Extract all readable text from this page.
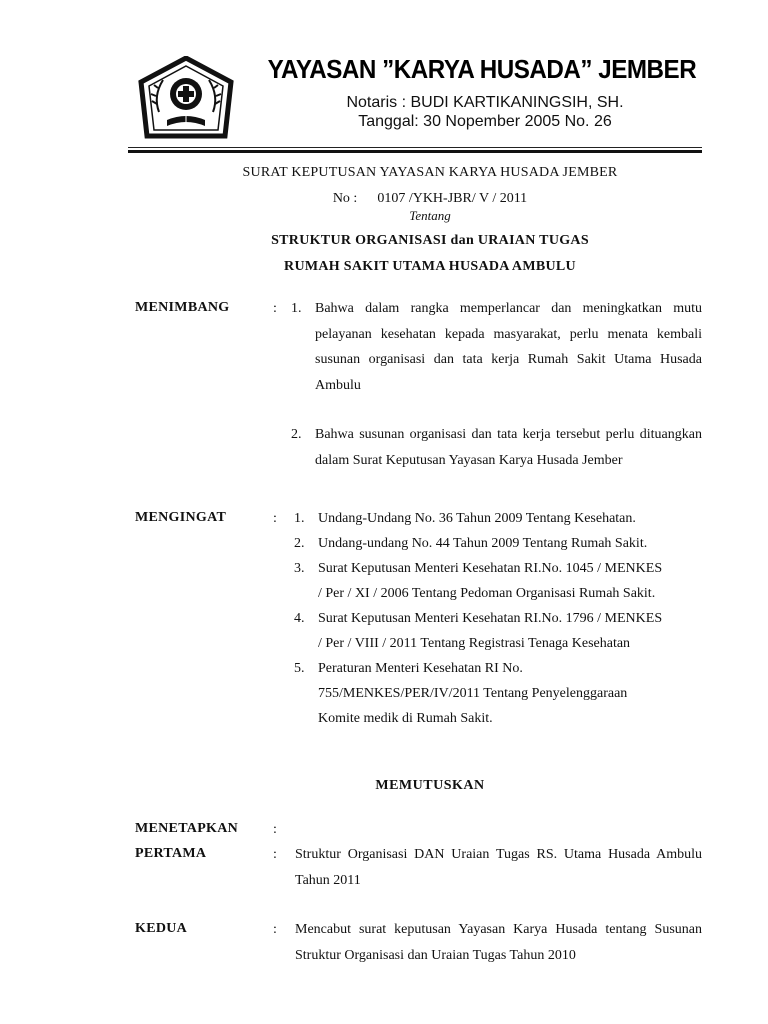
YAYASAN ”KARYA HUSADA” JEMBER
Notaris : BUDI KARTIKANINGSIH, SH.
Tanggal: 30 Nopember 2005 No. 26
SURAT KEPUTUSAN YAYASAN KARYA HUSADA JEMBER
No : 0107 /YKH-JBR/ V / 2011
Tentang
STRUKTUR ORGANISASI dan URAIAN TUGAS
RUMAH SAKIT UTAMA HUSADA AMBULU
MENIMBANG	: 1. Bahwa dalam rangka memperlancar dan meningkatkan mutu pelayanan kesehatan kepada masyarakat, perlu menata kembali susunan organisasi dan tata kerja Rumah Sakit Utama Husada Ambulu
2. Bahwa susunan organisasi dan tata kerja tersebut perlu dituangkan dalam Surat Keputusan Yayasan Karya Husada Jember
MENGINGAT	: 1. Undang-Undang No. 36 Tahun 2009 Tentang Kesehatan.
2. Undang-undang No. 44 Tahun 2009 Tentang Rumah Sakit.
3. Surat Keputusan Menteri Kesehatan RI.No. 1045 / MENKES
/ Per / XI / 2006 Tentang Pedoman Organisasi Rumah Sakit.
4. Surat Keputusan Menteri Kesehatan RI.No. 1796 / MENKES
/ Per / VIII / 2011 Tentang Registrasi Tenaga Kesehatan
5. Peraturan Menteri Kesehatan RI No.
755/MENKES/PER/IV/2011 Tentang Penyelenggaraan
Komite medik di Rumah Sakit.
MEMUTUSKAN
MENETAPKAN :
PERTAMA	: Struktur Organisasi DAN Uraian Tugas RS. Utama Husada Ambulu Tahun 2011
KEDUA	: Mencabut surat keputusan Yayasan Karya Husada tentang Susunan Struktur Organisasi dan Uraian Tugas Tahun 2010
